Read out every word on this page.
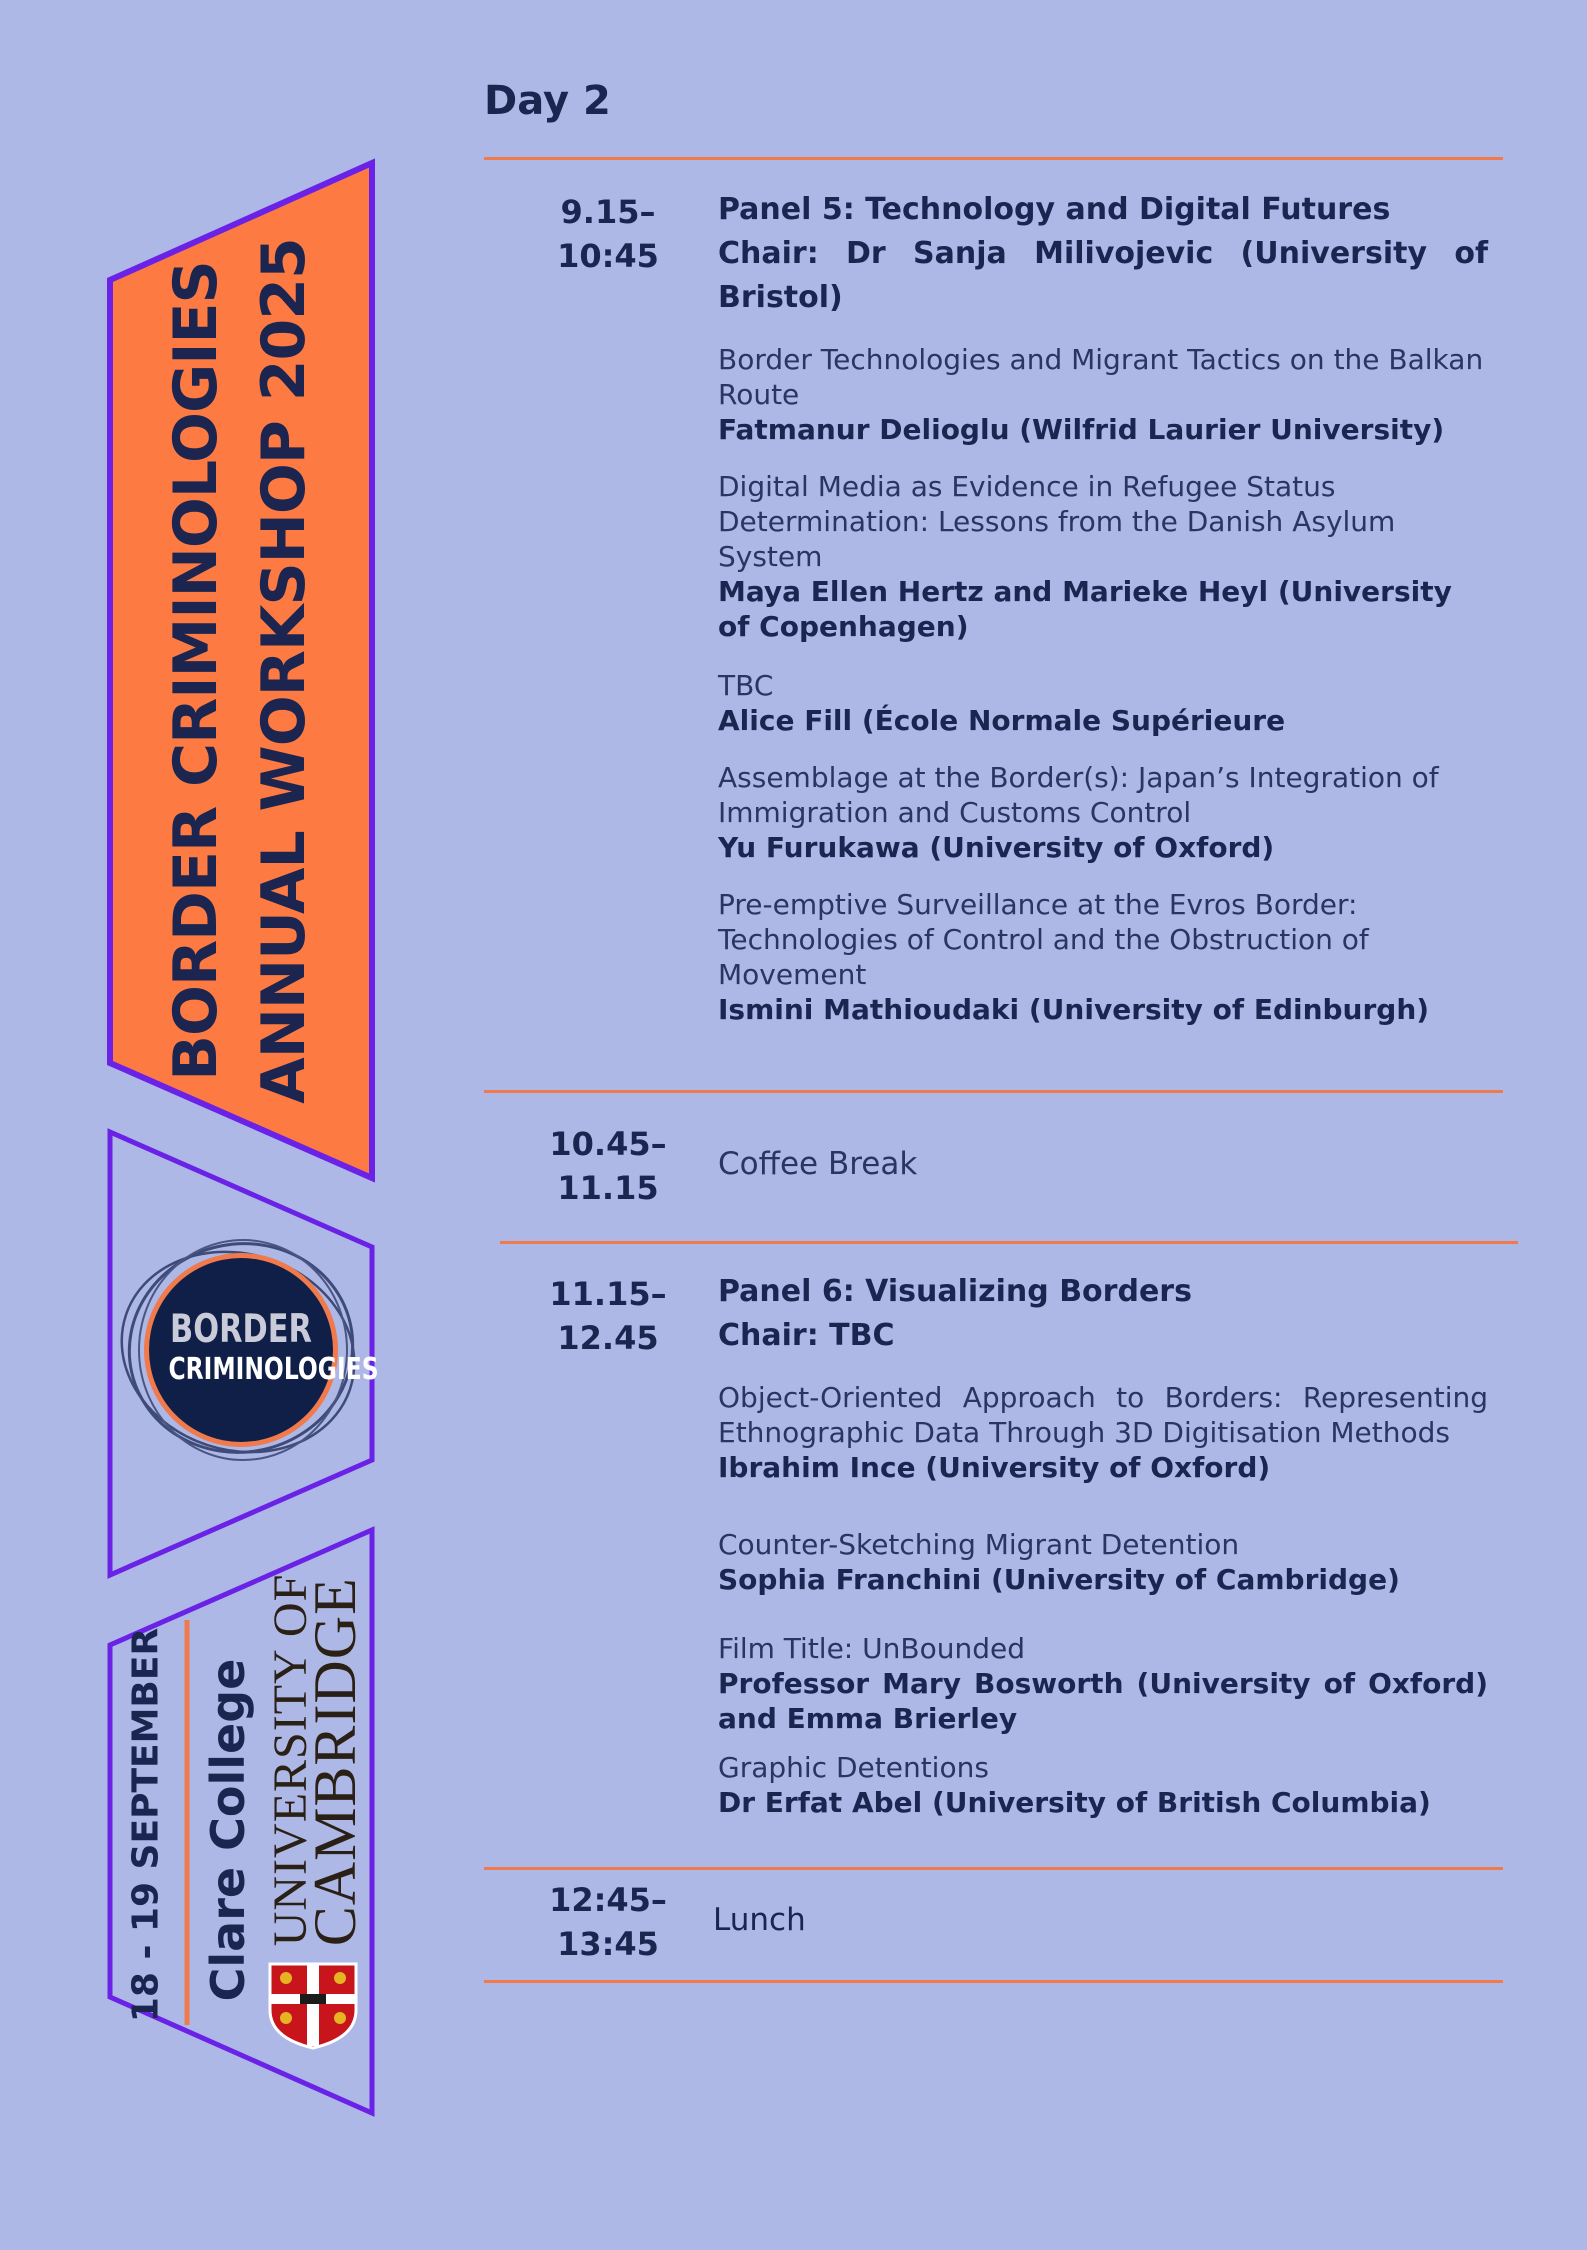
BORDER CRIMINOLOGIES ANNUAL WORKSHOP 2025
BORDER
CRIMINOLOGIES
18 - 19 SEPTEMBER Clare College UNIVERSITY OF
CAMBRIDGE
Day 2
9.15–
10:45
Panel 5: Technology and Digital Futures
Chair: Dr Sanja Milivojevic (University of Bristol)
Border Technologies and Migrant Tactics on the Balkan Route
Fatmanur Delioglu (Wilfrid Laurier University)
Digital Media as Evidence in Refugee Status Determination: Lessons from the Danish Asylum System
Maya Ellen Hertz and Marieke Heyl (University of Copenhagen)
TBC
Alice Fill (École Normale Supérieure
Assemblage at the Border(s): Japan’s Integration of Immigration and Customs Control
Yu Furukawa (University of Oxford)
Pre-emptive Surveillance at the Evros Border: Technologies of Control and the Obstruction of Movement
Ismini Mathioudaki (University of Edinburgh)
10.45–
11.15
Coffee Break
11.15–
12.45
Panel 6: Visualizing Borders
Chair: TBC
Object-Oriented Approach to Borders: Representing Ethnographic Data Through 3D Digitisation Methods
Ibrahim Ince (University of Oxford)
Counter-Sketching Migrant Detention
Sophia Franchini (University of Cambridge)
Film Title: UnBounded
Professor Mary Bosworth (University of Oxford) and Emma Brierley
Graphic Detentions
Dr Erfat Abel (University of British Columbia)
12:45–
13:45
Lunch
